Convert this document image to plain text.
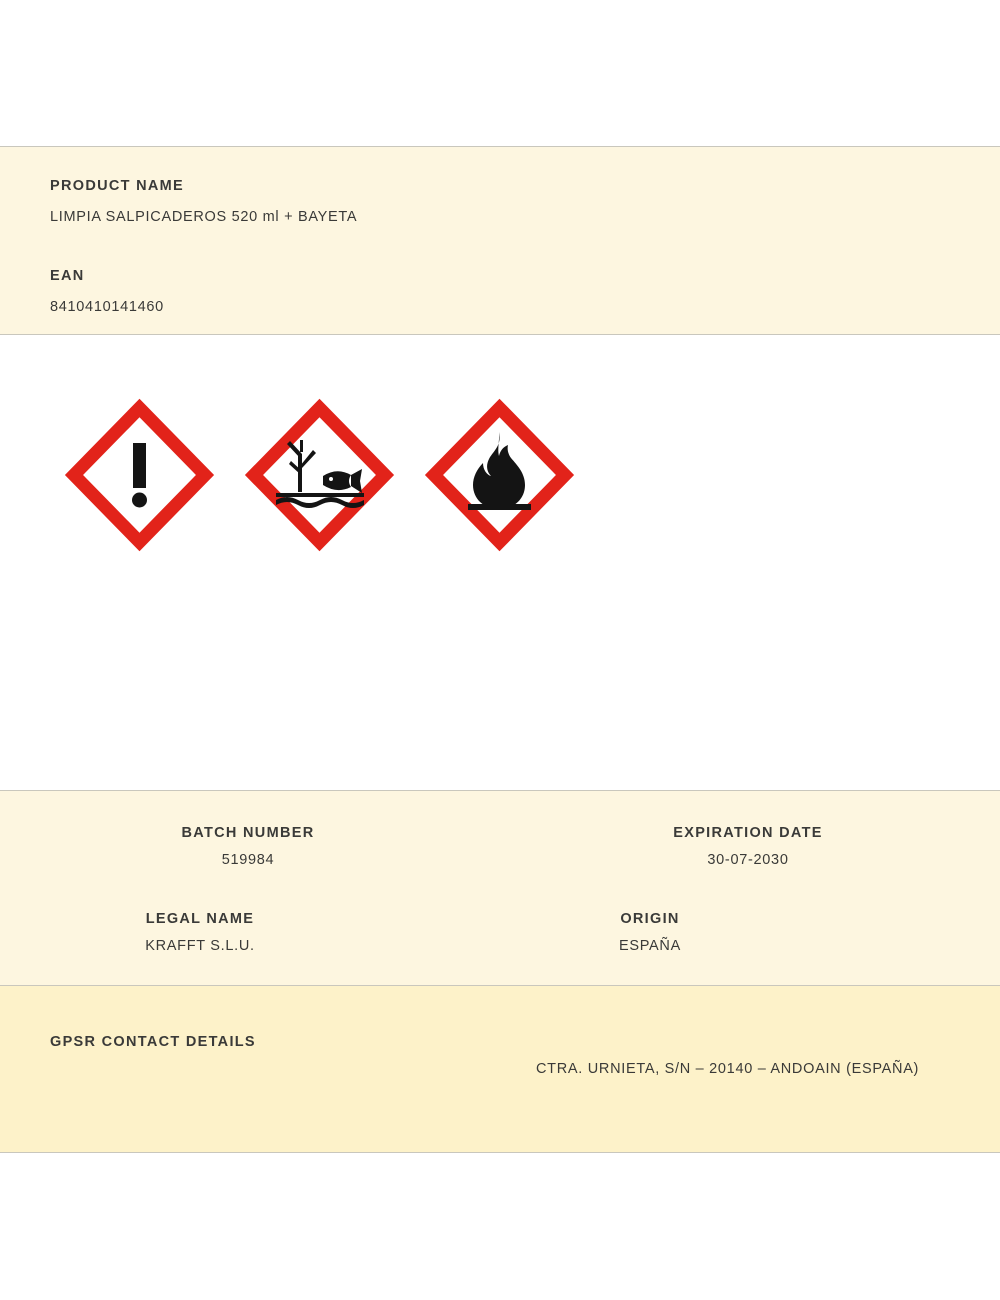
PRODUCT NAME
LIMPIA SALPICADEROS 520 ml + BAYETA
EAN
8410410141460
BATCH NUMBER
519984
EXPIRATION DATE
30-07-2030
LEGAL NAME
KRAFFT S.L.U.
ORIGIN
ESPAÑA
GPSR CONTACT DETAILS
CTRA. URNIETA, S/N – 20140 – ANDOAIN (ESPAÑA)
